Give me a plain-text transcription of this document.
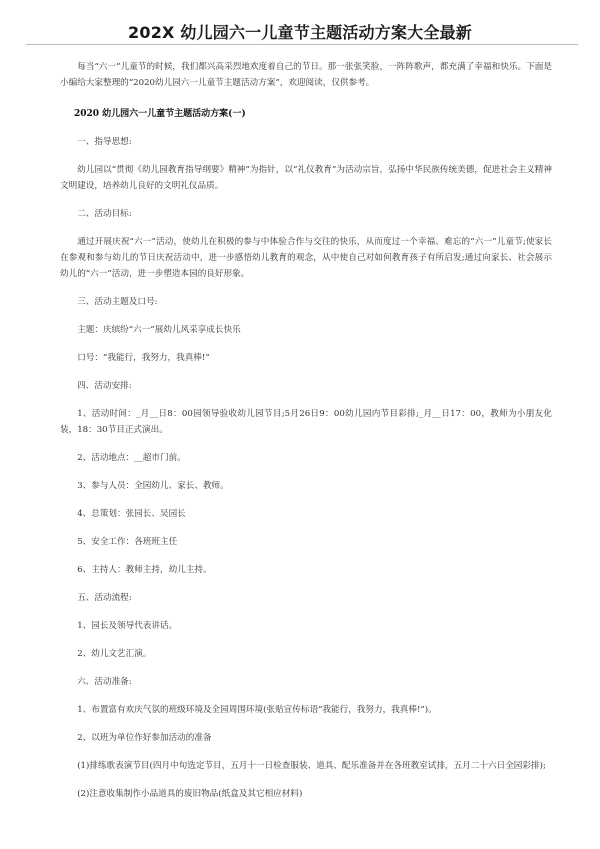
202X 幼儿园六一儿童节主题活动方案大全最新

每当“六一”儿童节的时候，我们都兴高采烈地欢度着自己的节日。那一张张笑脸，一阵阵歌声，都充满了幸福和快乐。下面是小编给大家整理的“2020幼儿园六一儿童节主题活动方案”，欢迎阅读，仅供参考。

2020 幼儿园六一儿童节主题活动方案(一)

一、指导思想:

幼儿园以“贯彻《幼儿园教育指导纲要》精神”为指针，以“礼仪教育”为活动宗旨，弘扬中华民族传统美德，促进社会主义精神文明建设，培养幼儿良好的文明礼仪品质。

二、活动目标:

通过开展庆祝“六一”活动，使幼儿在积极的参与中体验合作与交往的快乐，从而度过一个幸福、难忘的“六一”儿童节;使家长在参观和参与幼儿的节日庆祝活动中，进一步感悟幼儿教育的观念，从中使自己对如何教育孩子有所启发;通过向家长、社会展示幼儿的“六一”活动，进一步塑造本园的良好形象。

三、活动主题及口号:

主题：庆缤纷“六一”展幼儿风采享成长快乐

口号：“我能行，我努力，我真棒!”

四、活动安排:

1、活动时间：_月__日8：00园领导验收幼儿园节目;5月26日9：00幼儿园内节目彩排;_月__日17：00，教师为小朋友化装，18：30节目正式演出。

2、活动地点：__超市门前。

3、参与人员：全园幼儿、家长、教师。

4、总策划：张园长、吴园长

5、安全工作：各班班主任

6、主持人：教师主持，幼儿主持。

五、活动流程:

1、园长及领导代表讲话。

2、幼儿文艺汇演。

六、活动准备:

1、布置富有欢庆气氛的班级环境及全园周围环境(张贴宣传标语“我能行，我努力，我真棒!”)。

2、以班为单位作好参加活动的准备

(1)排练歌表演节目(四月中旬选定节目，五月十一日检查服装、道具、配乐准备并在各班教室试排，五月二十六日全园彩排);

(2)注意收集制作小品道具的废旧物品(纸盒及其它相应材料)
